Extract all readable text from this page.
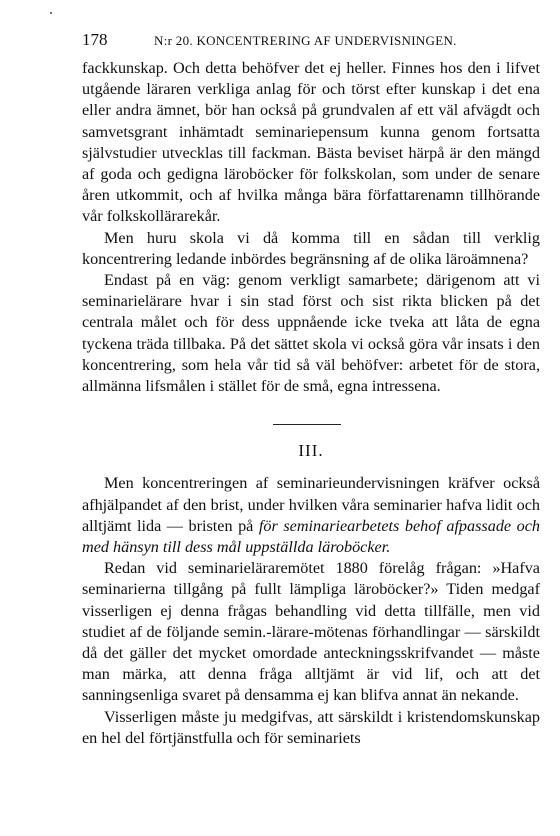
178	N:r 20. KONCENTRERING AF UNDERVISNINGEN.

fackkunskap. Och detta behöfver det ej heller. Finnes hos den i lifvet utgående läraren verkliga anlag för och törst efter kunskap i det ena eller andra ämnet, bör han också på grundvalen af ett väl afvägdt och samvetsgrant inhämtadt seminariepensum kunna genom fortsatta självstudier utvecklas till fackman. Bästa beviset härpå är den mängd af goda och gedigna läroböcker för folkskolan, som under de senare åren utkommit, och af hvilka många bära författarenamn tillhörande vår folkskollärarekår.

Men huru skola vi då komma till en sådan till verklig koncentrering ledande inbördes begränsning af de olika läroämnena?

Endast på en väg: genom verkligt samarbete; därigenom att vi seminarielärare hvar i sin stad först och sist rikta blicken på det centrala målet och för dess uppnående icke tveka att låta de egna tyckena träda tillbaka. På det sättet skola vi också göra vår insats i den koncentrering, som hela vår tid så väl behöfver: arbetet för de stora, allmänna lifsmålen i stället för de små, egna intressena.

III.

Men koncentreringen af seminarieundervisningen kräfver också afhjälpandet af den brist, under hvilken våra seminarier hafva lidit och alltjämt lida — bristen på för seminariearbetets behof afpassade och med hänsyn till dess mål uppställda läroböcker.

Redan vid seminarieläraremötet 1880 förelåg frågan: »Hafva seminarierna tillgång på fullt lämpliga läroböcker?» Tiden medgaf visserligen ej denna frågas behandling vid detta tillfälle, men vid studiet af de följande semin.-lärare-mötenas förhandlingar — särskildt då det gäller det mycket omordade anteckningsskrifvandet — måste man märka, att denna fråga alltjämt är vid lif, och att det sanningsenliga svaret på densamma ej kan blifva annat än nekande.

Visserligen måste ju medgifvas, att särskildt i kristendomskunskap en hel del förtjänstfulla och för seminariets
